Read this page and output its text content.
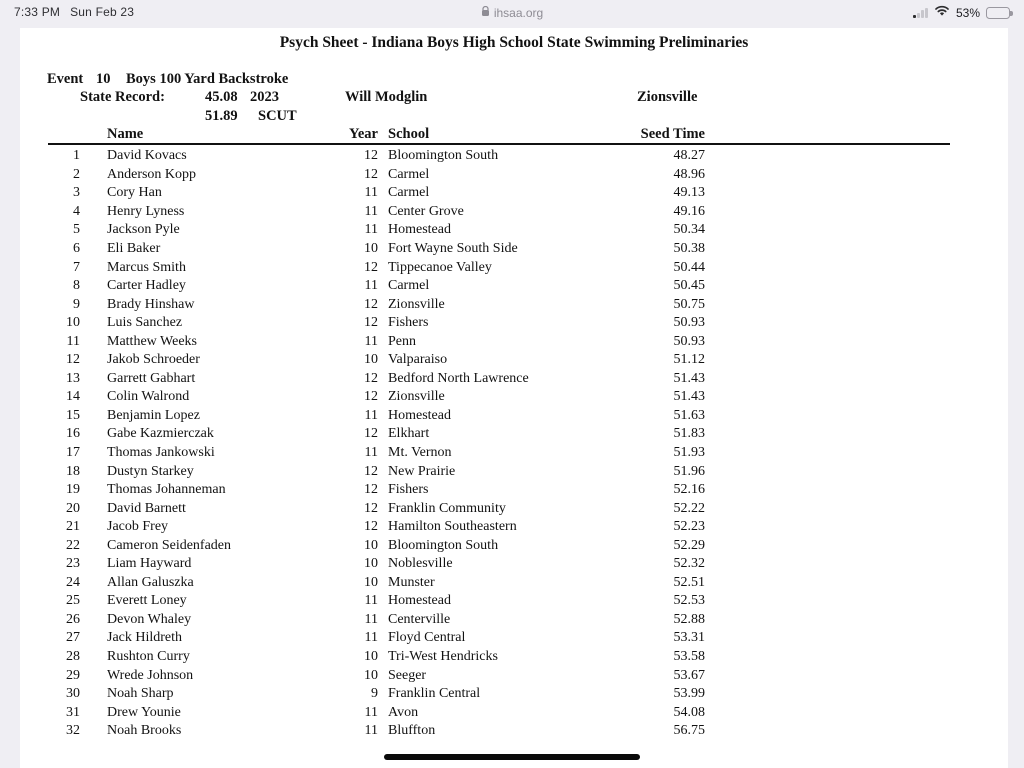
7:33 PM Sun Feb 23	ihsaa.org	53%
Psych Sheet - Indiana Boys High School State Swimming Preliminaries
Event 10 Boys 100 Yard Backstroke
State Record:	45.08 2023	Will Modglin	Zionsville
51.89 SCUT
Name	Year School	Seed Time
1 David Kovacs	12 Bloomington South	48.27
2 Anderson Kopp	12 Carmel	48.96
3 Cory Han	11 Carmel	49.13
4 Henry Lyness	11 Center Grove	49.16
5 Jackson Pyle	11 Homestead	50.34
6 Eli Baker	10 Fort Wayne South Side	50.38
7 Marcus Smith	12 Tippecanoe Valley	50.44
8 Carter Hadley	11 Carmel	50.45
9 Brady Hinshaw	12 Zionsville	50.75
10 Luis Sanchez	12 Fishers	50.93
11 Matthew Weeks	11 Penn	50.93
12 Jakob Schroeder	10 Valparaiso	51.12
13 Garrett Gabhart	12 Bedford North Lawrence	51.43
14 Colin Walrond	12 Zionsville	51.43
15 Benjamin Lopez	11 Homestead	51.63
16 Gabe Kazmierczak	12 Elkhart	51.83
17 Thomas Jankowski	11 Mt. Vernon	51.93
18 Dustyn Starkey	12 New Prairie	51.96
19 Thomas Johanneman	12 Fishers	52.16
20 David Barnett	12 Franklin Community	52.22
21 Jacob Frey	12 Hamilton Southeastern	52.23
22 Cameron Seidenfaden	10 Bloomington South	52.29
23 Liam Hayward	10 Noblesville	52.32
24 Allan Galuszka	10 Munster	52.51
25 Everett Loney	11 Homestead	52.53
26 Devon Whaley	11 Centerville	52.88
27 Jack Hildreth	11 Floyd Central	53.31
28 Rushton Curry	10 Tri-West Hendricks	53.58
29 Wrede Johnson	10 Seeger	53.67
30 Noah Sharp	9 Franklin Central	53.99
31 Drew Younie	11 Avon	54.08
32 Noah Brooks	11 Bluffton	56.75
